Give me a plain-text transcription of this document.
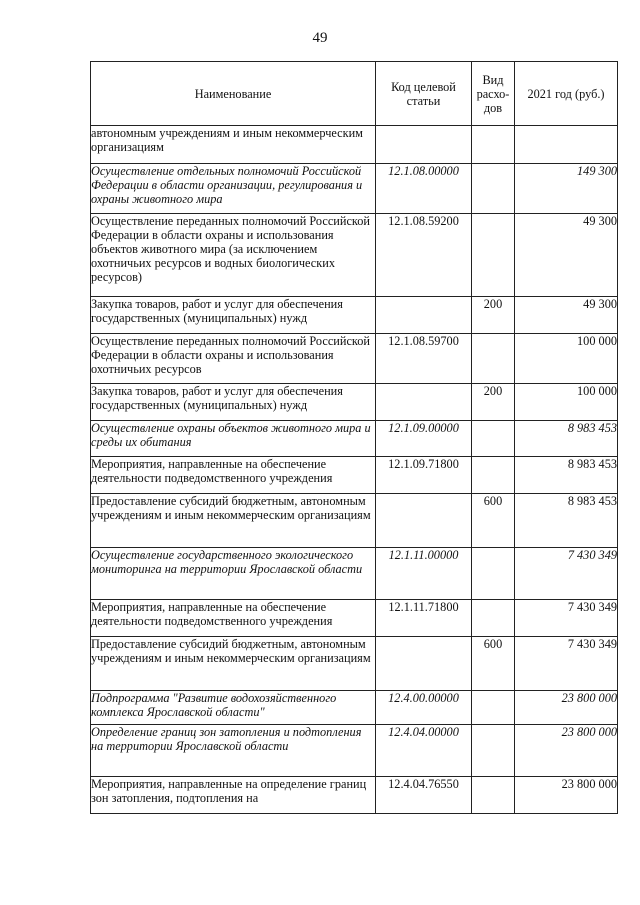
49
Наименование	Код целевой статьи	Вид расхо-дов	2021 год (руб.)
автономным учреждениям и иным некоммерческим организациям			
Осуществление отдельных полномочий Российской Федерации в области организации, регулирования и охраны животного мира	12.1.08.00000		149 300
Осуществление переданных полномочий Российской Федерации в области охраны и использования объектов животного мира (за исключением охотничьих ресурсов и водных биологических ресурсов)	12.1.08.59200		49 300
Закупка товаров, работ и услуг для обеспечения государственных (муниципальных) нужд		200	49 300
Осуществление переданных полномочий Российской Федерации в области охраны и использования охотничьих ресурсов	12.1.08.59700		100 000
Закупка товаров, работ и услуг для обеспечения государственных (муниципальных) нужд		200	100 000
Осуществление охраны объектов животного мира и среды их обитания	12.1.09.00000		8 983 453
Мероприятия, направленные на обеспечение деятельности подведомственного учреждения	12.1.09.71800		8 983 453
Предоставление субсидий бюджетным, автономным учреждениям и иным некоммерческим организациям		600	8 983 453
Осуществление государственного экологического мониторинга на территории Ярославской области	12.1.11.00000		7 430 349
Мероприятия, направленные на обеспечение деятельности подведомственного учреждения	12.1.11.71800		7 430 349
Предоставление субсидий бюджетным, автономным учреждениям и иным некоммерческим организациям		600	7 430 349
Подпрограмма "Развитие водохозяйственного комплекса Ярославской области"	12.4.00.00000		23 800 000
Определение границ зон затопления и подтопления на территории Ярославской области	12.4.04.00000		23 800 000
Мероприятия, направленные на определение границ зон затопления, подтопления на	12.4.04.76550		23 800 000
